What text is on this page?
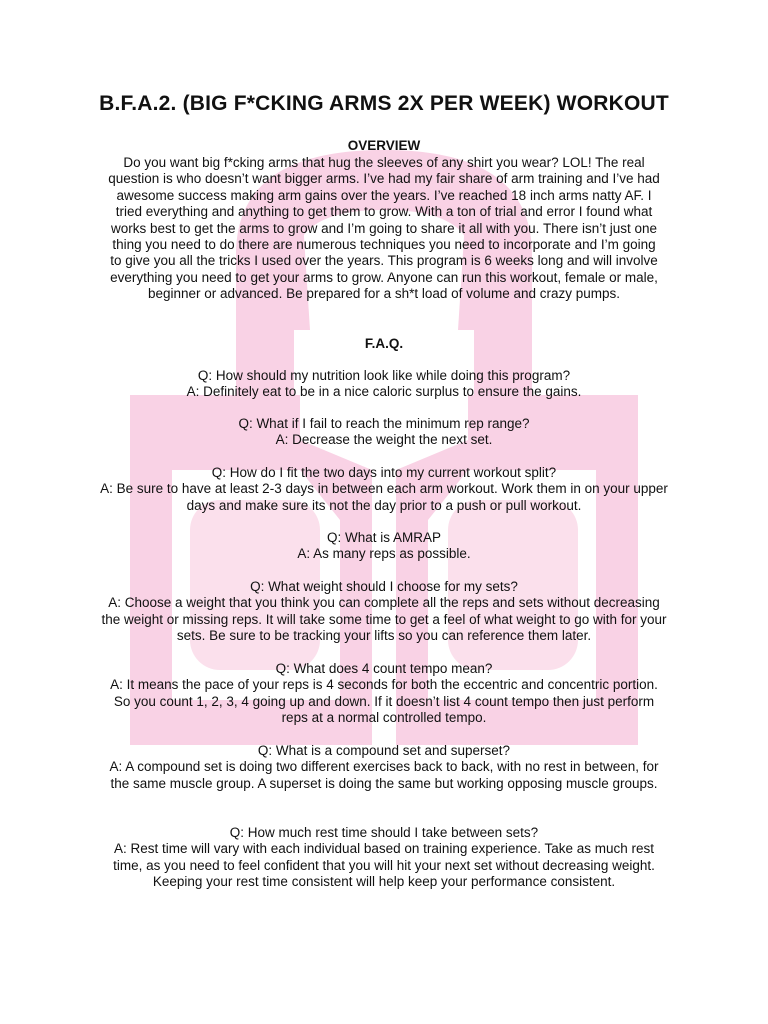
B.F.A.2. (BIG F*CKING ARMS 2X PER WEEK) WORKOUT
OVERVIEW
Do you want big f*cking arms that hug the sleeves of any shirt you wear? LOL! The real question is who doesn’t want bigger arms. I’ve had my fair share of arm training and I’ve had awesome success making arm gains over the years. I’ve reached 18 inch arms natty AF. I tried everything and anything to get them to grow. With a ton of trial and error I found what works best to get the arms to grow and I’m going to share it all with you. There isn’t just one thing you need to do there are numerous techniques you need to incorporate and I’m going to give you all the tricks I used over the years. This program is 6 weeks long and will involve everything you need to get your arms to grow. Anyone can run this workout, female or male, beginner or advanced. Be prepared for a sh*t load of volume and crazy pumps.
F.A.Q.

Q: How should my nutrition look like while doing this program?

A: Definitely eat to be in a nice caloric surplus to ensure the gains.

Q: What if I fail to reach the minimum rep range?

A: Decrease the weight the next set.

Q: How do I fit the two days into my current workout split?

A: Be sure to have at least 2-3 days in between each arm workout. Work them in on your upper days and make sure its not the day prior to a push or pull workout.

Q: What is AMRAP

A: As many reps as possible.

Q: What weight should I choose for my sets?

A: Choose a weight that you think you can complete all the reps and sets without decreasing the weight or missing reps. It will take some time to get a feel of what weight to go with for your sets. Be sure to be tracking your lifts so you can reference them later.

Q: What does 4 count tempo mean?

A: It means the pace of your reps is 4 seconds for both the eccentric and concentric portion. So you count 1, 2, 3, 4 going up and down. If it doesn’t list 4 count tempo then just perform reps at a normal controlled tempo.

Q: What is a compound set and superset?

A: A compound set is doing two different exercises back to back, with no rest in between, for the same muscle group. A superset is doing the same but working opposing muscle groups.

Q: How much rest time should I take between sets?

A: Rest time will vary with each individual based on training experience. Take as much rest time, as you need to feel confident that you will hit your next set without decreasing weight. Keeping your rest time consistent will help keep your performance consistent.
